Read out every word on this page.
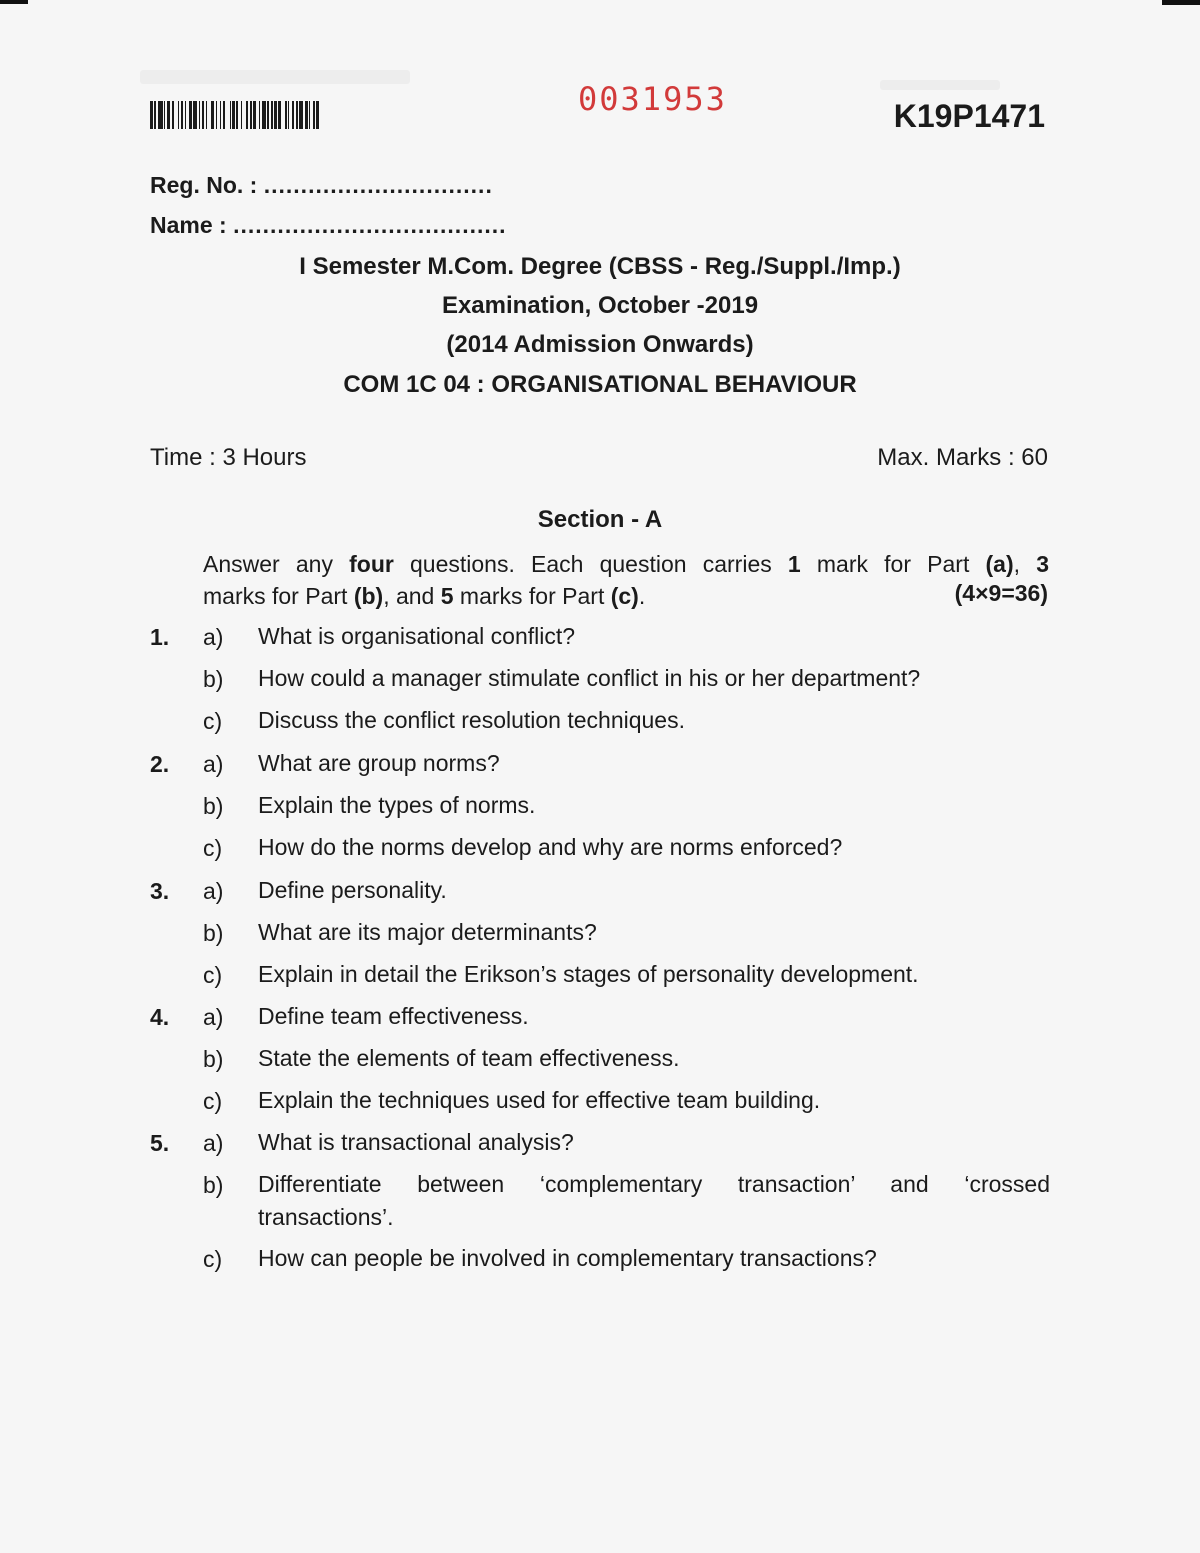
0031953	K19P1471
Reg. No. : ...............................
Name : .....................................
I Semester M.Com. Degree (CBSS - Reg./Suppl./Imp.)
Examination, October -2019
(2014 Admission Onwards)
COM 1C 04 : ORGANISATIONAL BEHAVIOUR
Time : 3 Hours	Max. Marks : 60
Section - A
Answer any four questions. Each question carries 1 mark for Part (a), 3
marks for Part (b), and 5 marks for Part (c).	(4×9=36)
1. a) What is organisational conflict?
b) How could a manager stimulate conflict in his or her department?
c) Discuss the conflict resolution techniques.
2. a) What are group norms?
b) Explain the types of norms.
c) How do the norms develop and why are norms enforced?
3. a) Define personality.
b) What are its major determinants?
c) Explain in detail the Erikson’s stages of personality development.
4. a) Define team effectiveness.
b) State the elements of team effectiveness.
c) Explain the techniques used for effective team building.
5. a) What is transactional analysis?
b) Differentiate between ‘complementary transaction’ and ‘crossed
transactions’.
c) How can people be involved in complementary transactions?
